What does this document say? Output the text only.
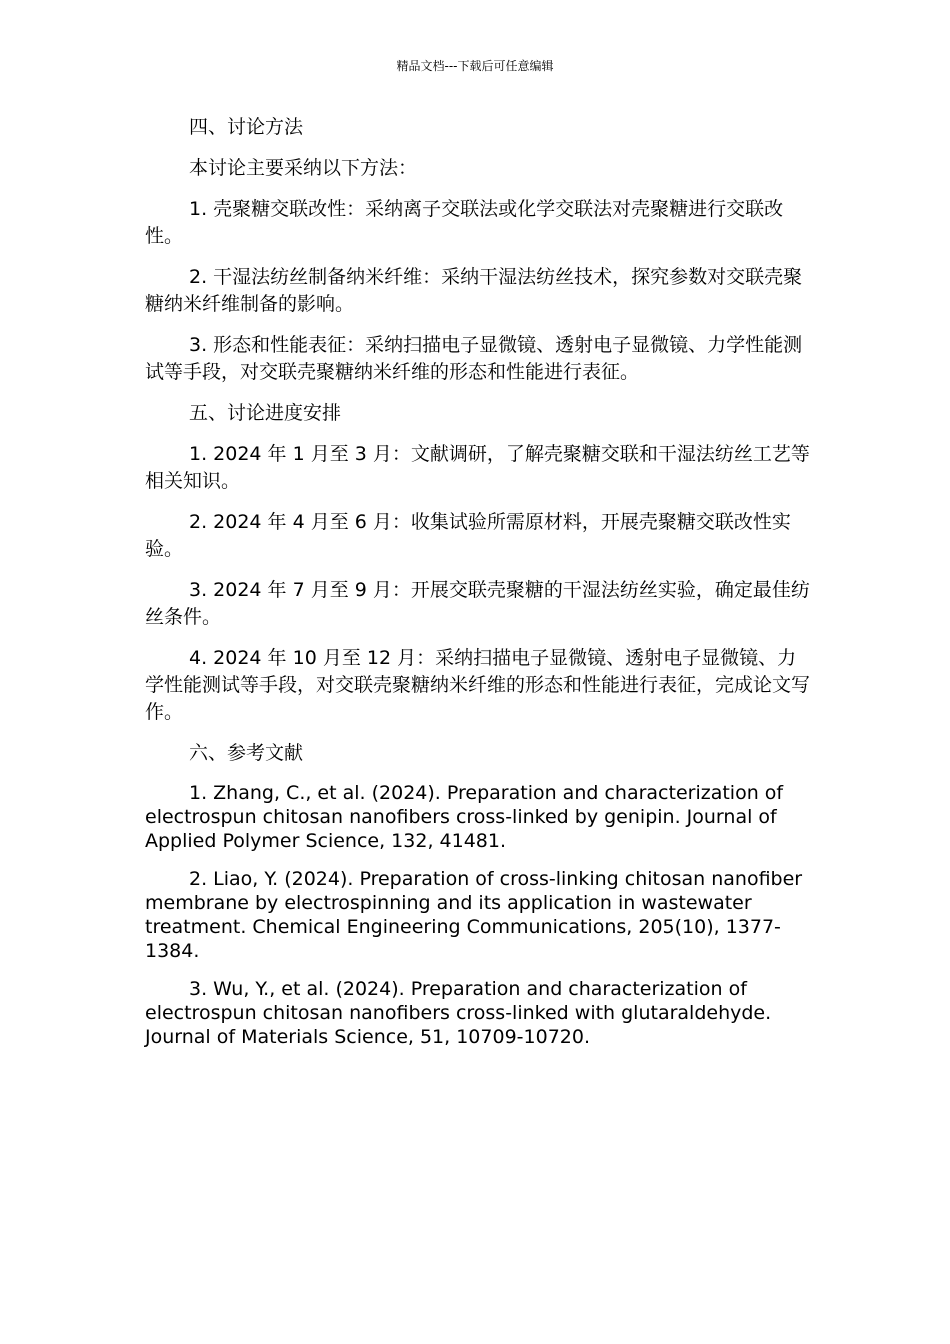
精品文档---下载后可任意编辑

四、讨论方法

本讨论主要采纳以下方法：

1. 壳聚糖交联改性：采纳离子交联法或化学交联法对壳聚糖进行交联改性。

2. 干湿法纺丝制备纳米纤维：采纳干湿法纺丝技术，探究参数对交联壳聚糖纳米纤维制备的影响。

3. 形态和性能表征：采纳扫描电子显微镜、透射电子显微镜、力学性能测试等手段，对交联壳聚糖纳米纤维的形态和性能进行表征。

五、讨论进度安排

1. 2024 年 1 月至 3 月：文献调研，了解壳聚糖交联和干湿法纺丝工艺等相关知识。

2. 2024 年 4 月至 6 月：收集试验所需原材料，开展壳聚糖交联改性实验。

3. 2024 年 7 月至 9 月：开展交联壳聚糖的干湿法纺丝实验，确定最佳纺丝条件。

4. 2024 年 10 月至 12 月：采纳扫描电子显微镜、透射电子显微镜、力学性能测试等手段，对交联壳聚糖纳米纤维的形态和性能进行表征，完成论文写作。

六、参考文献

1. Zhang, C., et al. (2024). Preparation and characterization of electrospun chitosan nanofibers cross-linked by genipin. Journal of Applied Polymer Science, 132, 41481.

2. Liao, Y. (2024). Preparation of cross-linking chitosan nanofiber membrane by electrospinning and its application in wastewater treatment. Chemical Engineering Communications, 205(10), 1377-1384.

3. Wu, Y., et al. (2024). Preparation and characterization of electrospun chitosan nanofibers cross-linked with glutaraldehyde. Journal of Materials Science, 51, 10709-10720.
